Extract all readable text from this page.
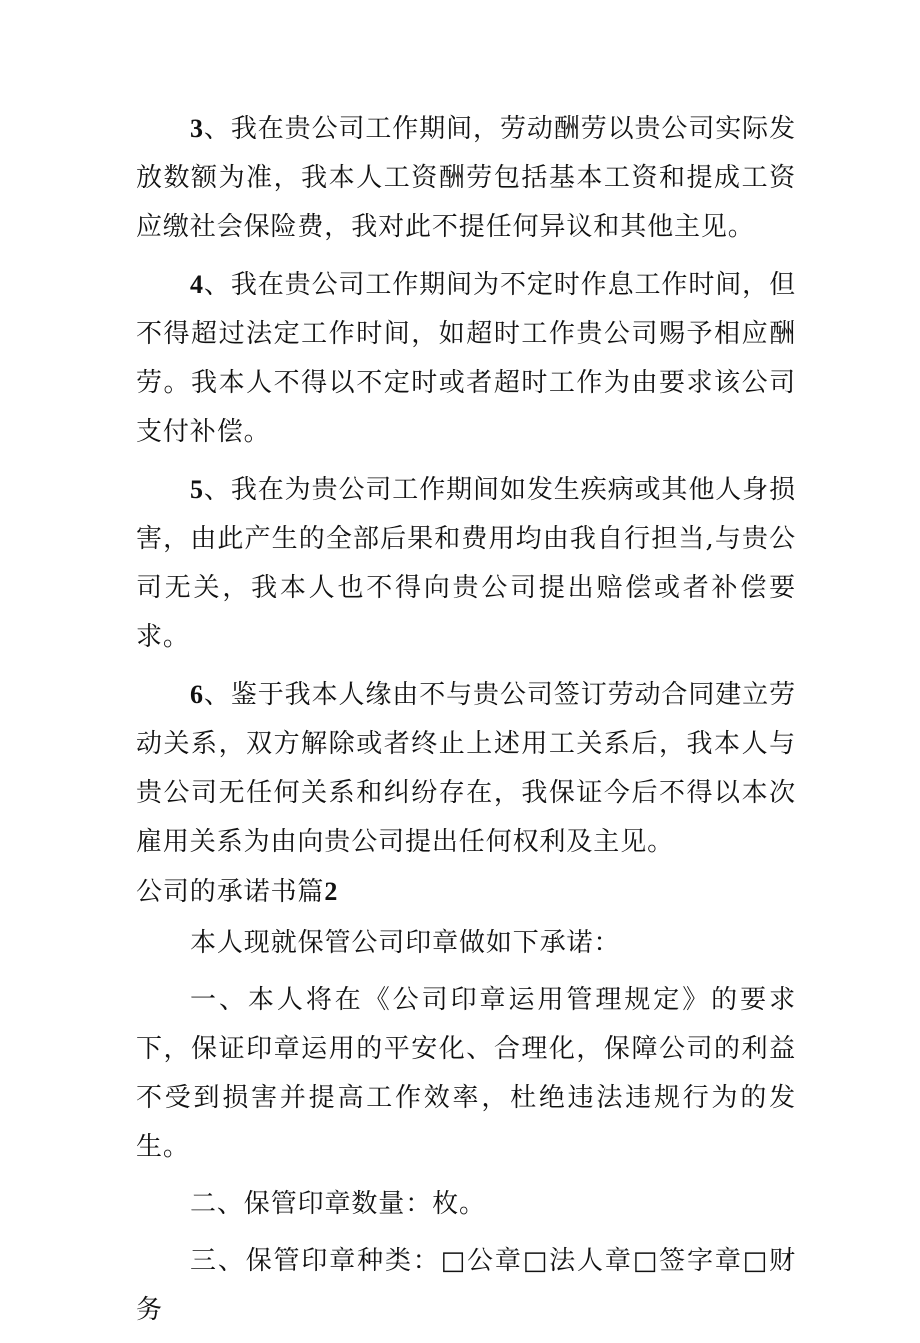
3、我在贵公司工作期间，劳动酬劳以贵公司实际发放数额为准，我本人工资酬劳包括基本工资和提成工资应缴社会保险费，我对此不提任何异议和其他主见。

4、我在贵公司工作期间为不定时作息工作时间，但不得超过法定工作时间，如超时工作贵公司赐予相应酬劳。我本人不得以不定时或者超时工作为由要求该公司支付补偿。

5、我在为贵公司工作期间如发生疾病或其他人身损害，由此产生的全部后果和费用均由我自行担当,与贵公司无关，我本人也不得向贵公司提出赔偿或者补偿要求。

6、鉴于我本人缘由不与贵公司签订劳动合同建立劳动关系，双方解除或者终止上述用工关系后，我本人与贵公司无任何关系和纠纷存在，我保证今后不得以本次雇用关系为由向贵公司提出任何权利及主见。

公司的承诺书篇2

本人现就保管公司印章做如下承诺：

一、本人将在《公司印章运用管理规定》的要求下，保证印章运用的平安化、合理化，保障公司的利益不受到损害并提高工作效率，杜绝违法违规行为的发生。

二、保管印章数量：枚。

三、保管印章种类：□公章□法人章□签字章□财务
